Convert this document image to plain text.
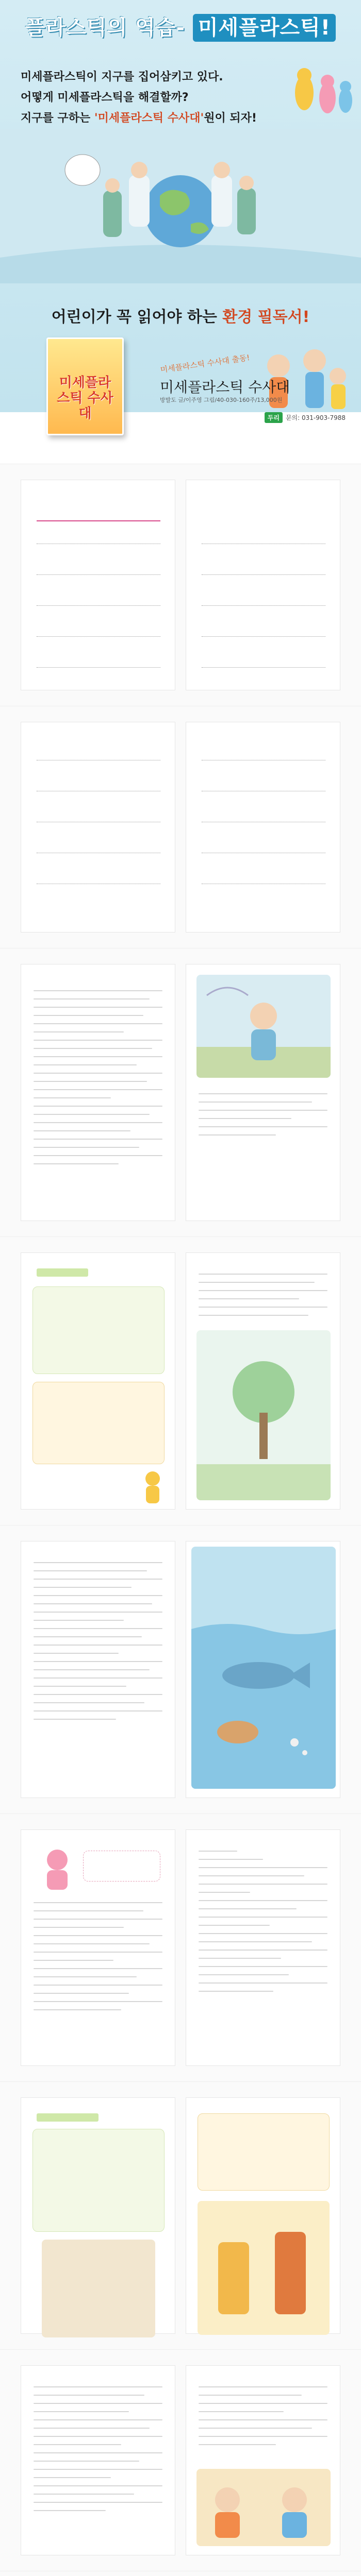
플라스틱의 역습- 미세플라스틱!
미세플라스틱이 지구를 집어삼키고 있다.
어떻게 미세플라스틱을 해결할까?
지구를 구하는 '미세플라스틱 수사대'원이 되자!
어린이가 꼭 읽어야 하는 환경 필독서!
미세플라스틱 수사대
미세플라스틱 수사대 출동!
미세플라스틱 수사대
방발도 글/이주영 그림/40-030-160주/13,000원
두리 문의: 031-903-7988
